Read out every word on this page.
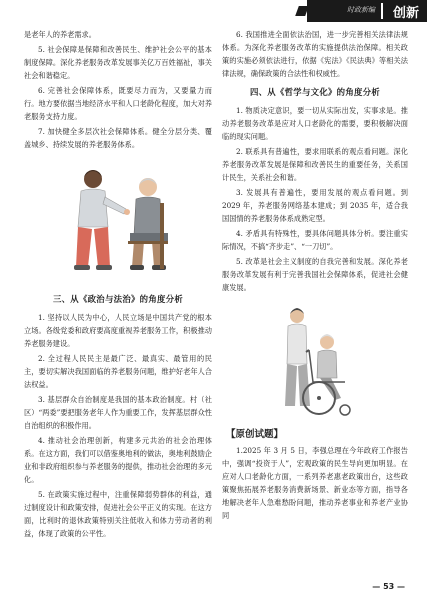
时政新编 创新

是老年人的养老需求。

5. 社会保障是保障和改善民生、维护社会公平的基本制度保障。深化养老服务改革发展事关亿万百姓福祉，事关社会和谐稳定。

6. 完善社会保障体系，既要尽力而为，又要量力而行。地方要依据当地经济水平和人口老龄化程度，加大对养老服务支持力度。

7. 加快健全多层次社会保障体系。健全分层分类、覆盖城乡、持续发展的养老服务体系。

三、从《政治与法治》的角度分析

1. 坚持以人民为中心，人民立场是中国共产党的根本立场。各级党委和政府要高度重视养老服务工作，积极推动养老服务建设。

2. 全过程人民民主是最广泛、最真实、最管用的民主，要切实解决我国面临的养老服务问题，维护好老年人合法权益。

3. 基层群众自治制度是我国的基本政治制度。村（社区）“两委”要把服务老年人作为重要工作，发挥基层群众性自治组织的积极作用。

4. 推动社会治理创新，构建多元共治的社会治理体系。在这方面，我们可以借鉴奥地利的做法，奥地利鼓励企业和非政府组织参与养老服务的提供，推动社会治理的多元化。

5. 在政策实施过程中，注重保障弱势群体的利益，通过制度设计和政策安排，促进社会公平正义的实现。在这方面，比利时的退休政策特别关注低收入和体力劳动者的利益，体现了政策的公平性。

6. 我国推进全面依法治国，进一步完善相关法律法规体系。为深化养老服务改革的实施提供法治保障。相关政策的实施必须依法进行，依据《宪法》《民法典》等相关法律法规，确保政策的合法性和权威性。

四、从《哲学与文化》的角度分析

1. 物质决定意识，要一切从实际出发，实事求是。推动养老服务改革是应对人口老龄化的需要，要积极解决面临的现实问题。

2. 联系具有普遍性，要求用联系的观点看问题。深化养老服务改革发展是保障和改善民生的重要任务，关系国计民生，关系社会和谐。

3. 发展具有普遍性，要用发展的观点看问题。到 2029 年，养老服务网络基本建成；到 2035 年，适合我国国情的养老服务体系成熟定型。

4. 矛盾具有特殊性，要具体问题具体分析。要注重实际情况，不搞“齐步走”、“一刀切”。

5. 改革是社会主义制度的自我完善和发展。深化养老服务改革发展有利于完善我国社会保障体系，促进社会健康发展。

【原创试题】

1.2025 年 3 月 5 日，李强总理在今年政府工作报告中，强调“投资于人”，宏观政策的民生导向更加明显。在应对人口老龄化方面，一系列养老惠老政策出台，这些政策聚焦拓展养老服务消费新场景、新业态等方面，指导各地解决老年人急难愁盼问题，推动养老事业和养老产业协同

— 53 —
